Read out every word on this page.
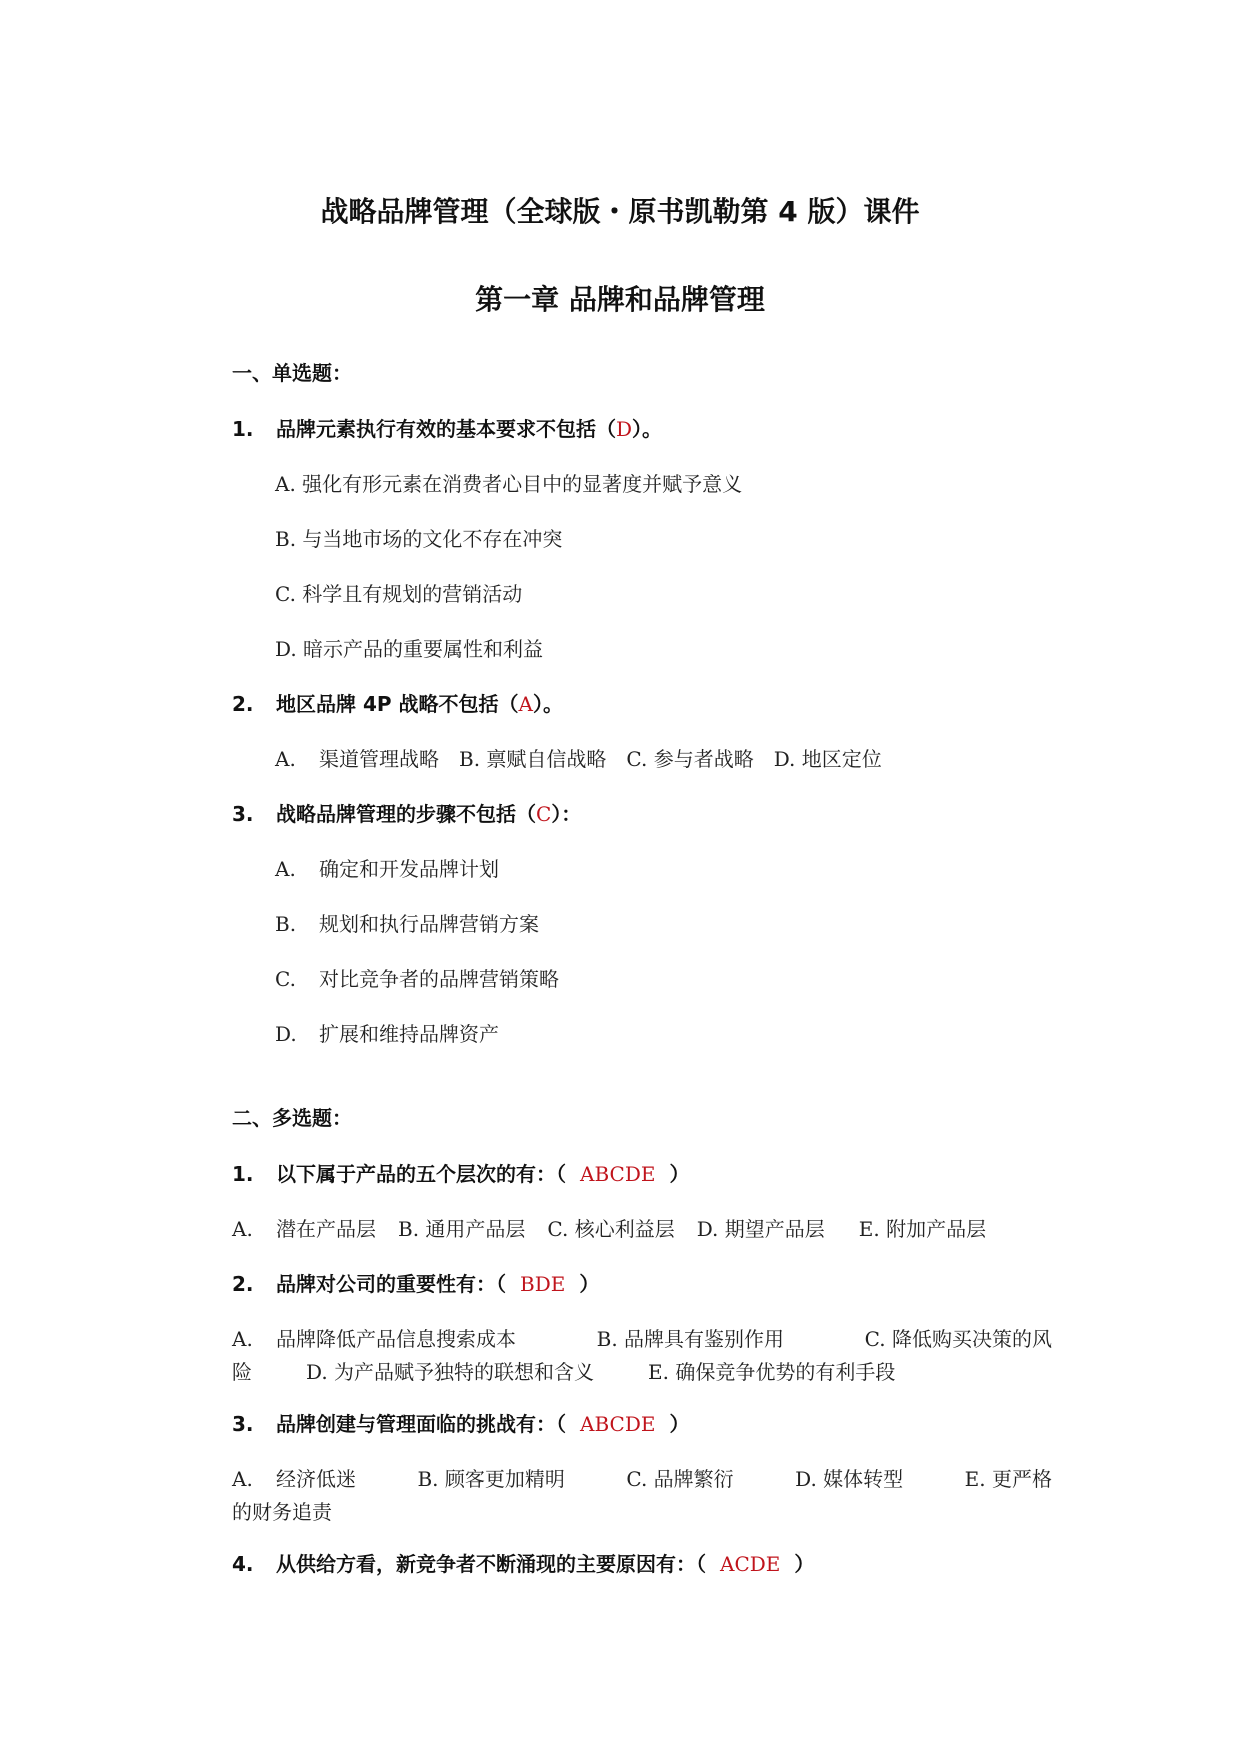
战略品牌管理（全球版・原书凯勒第 4 版）课件
第一章 品牌和品牌管理
一、单选题：
1. 品牌元素执行有效的基本要求不包括（D）。
A. 强化有形元素在消费者心目中的显著度并赋予意义
B. 与当地市场的文化不存在冲突
C. 科学且有规划的营销活动
D. 暗示产品的重要属性和利益
2. 地区品牌 4P 战略不包括（A）。
A. 渠道管理战略 B. 禀赋自信战略 C. 参与者战略 D. 地区定位
3. 战略品牌管理的步骤不包括（C）：
A. 确定和开发品牌计划
B. 规划和执行品牌营销方案
C. 对比竞争者的品牌营销策略
D. 扩展和维持品牌资产
二、多选题：
1. 以下属于产品的五个层次的有：（ ABCDE ）
A. 潜在产品层 B. 通用产品层 C. 核心利益层 D. 期望产品层 E. 附加产品层
2. 品牌对公司的重要性有：（ BDE ）
A. 品牌降低产品信息搜索成本	B. 品牌具有鉴别作用	C. 降低购买决策的风
险	D. 为产品赋予独特的联想和含义	E. 确保竞争优势的有利手段
3. 品牌创建与管理面临的挑战有：（ ABCDE ）
A. 经济低迷	B. 顾客更加精明	C. 品牌繁衍	D. 媒体转型	E. 更严格
的财务追责
4. 从供给方看，新竞争者不断涌现的主要原因有：（ ACDE ）
